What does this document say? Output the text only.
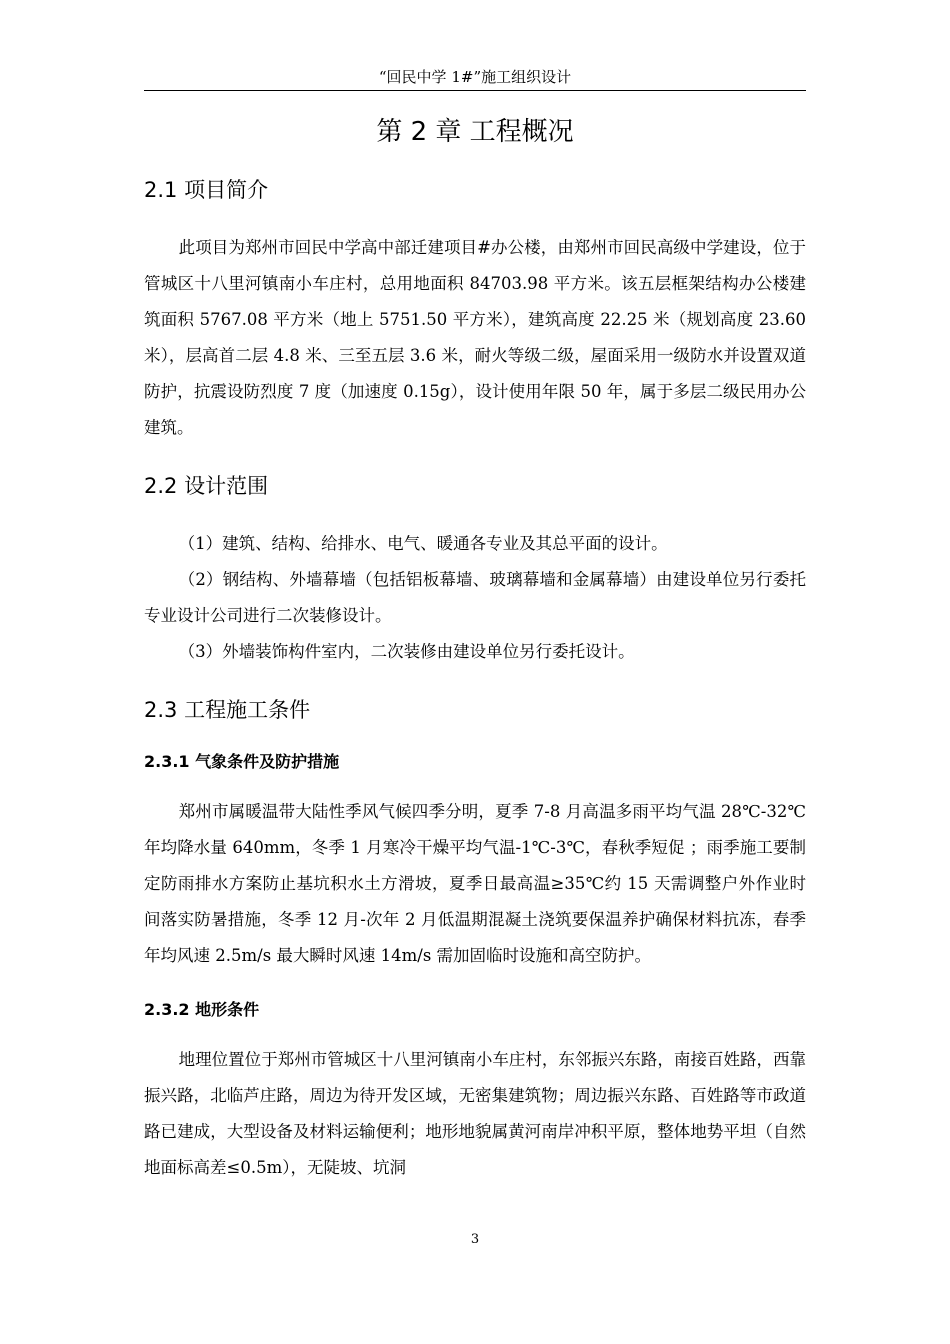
“回民中学 1#”施工组织设计
第 2 章 工程概况
2.1 项目简介

此项目为郑州市回民中学高中部迁建项目#办公楼，由郑州市回民高级中学建设，位于管城区十八里河镇南小车庄村，总用地面积 84703.98 平方米。该五层框架结构办公楼建筑面积 5767.08 平方米（地上 5751.50 平方米），建筑高度 22.25 米（规划高度 23.60 米），层高首二层 4.8 米、三至五层 3.6 米，耐火等级二级，屋面采用一级防水并设置双道防护，抗震设防烈度 7 度（加速度 0.15g），设计使用年限 50 年，属于多层二级民用办公建筑。

2.2 设计范围

（1）建筑、结构、给排水、电气、暖通各专业及其总平面的设计。

（2）钢结构、外墙幕墙（包括铝板幕墙、玻璃幕墙和金属幕墙）由建设单位另行委托专业设计公司进行二次装修设计。

（3）外墙装饰构件室内，二次装修由建设单位另行委托设计。

2.3 工程施工条件
2.3.1 气象条件及防护措施

郑州市属暖温带大陆性季风气候四季分明，夏季 7-8 月高温多雨平均气温 28℃-32℃年均降水量 640mm，冬季 1 月寒冷干燥平均气温-1℃-3℃，春秋季短促 ；雨季施工要制定防雨排水方案防止基坑积水土方滑坡，夏季日最高温≥35℃约 15 天需调整户外作业时间落实防暑措施，冬季 12 月-次年 2 月低温期混凝土浇筑要保温养护确保材料抗冻，春季年均风速 2.5m/s 最大瞬时风速 14m/s 需加固临时设施和高空防护。

2.3.2 地形条件

地理位置位于郑州市管城区十八里河镇南小车庄村，东邻振兴东路，南接百姓路，西靠振兴路，北临芦庄路，周边为待开发区域，无密集建筑物；周边振兴东路、百姓路等市政道路已建成，大型设备及材料运输便利；地形地貌属黄河南岸冲积平原，整体地势平坦（自然地面标高差≤0.5m），无陡坡、坑洞

3
